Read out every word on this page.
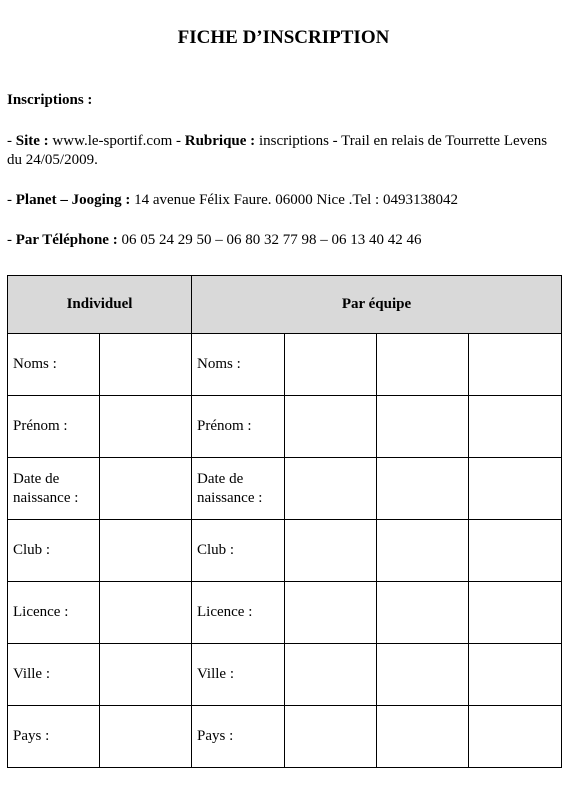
FICHE D’INSCRIPTION
Inscriptions :
- Site : www.le-sportif.com - Rubrique : inscriptions - Trail en relais de Tourrette Levens du 24/05/2009.
- Planet – Jooging : 14 avenue Félix Faure. 06000 Nice .Tel : 0493138042
- Par Téléphone : 06 05 24 29 50 – 06 80 32 77 98 – 06 13 40 42 46
Individuel		Par équipe			
Noms :		Noms :			
Prénom :		Prénom :			
Date de naissance :		Date de naissance :			
Club :		Club :			
Licence :		Licence :			
Ville :		Ville :			
Pays :		Pays :			
